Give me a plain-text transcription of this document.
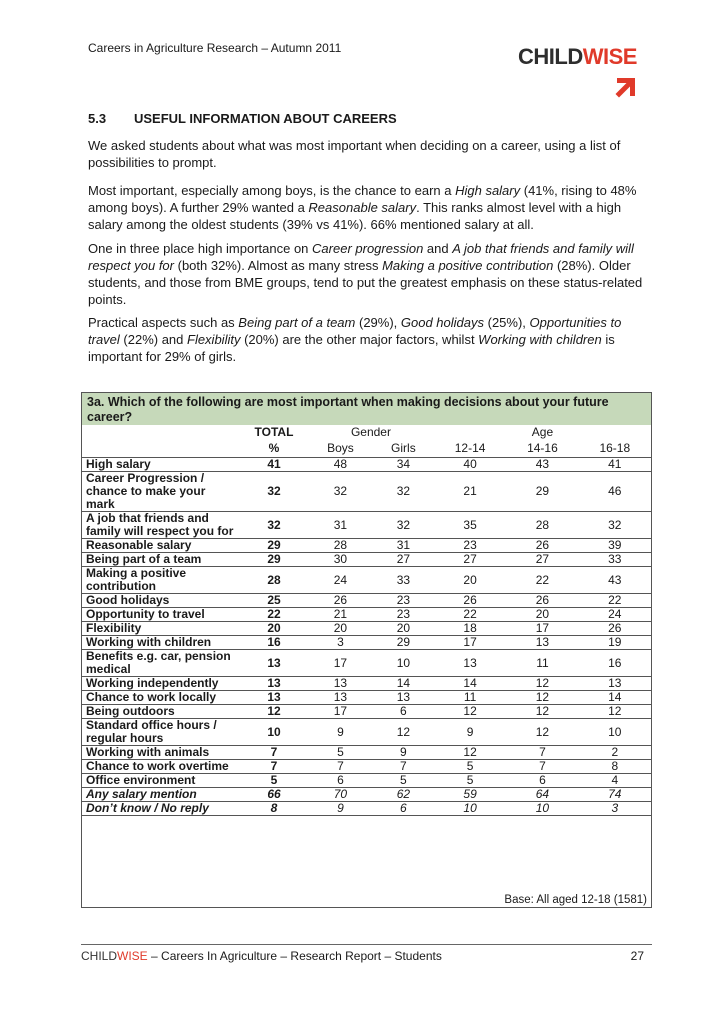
Careers in Agriculture Research – Autumn 2011	CHILDWISE
5.3 USEFUL INFORMATION ABOUT CAREERS

We asked students about what was most important when deciding on a career, using a list of possibilities to prompt.

Most important, especially among boys, is the chance to earn a High salary (41%, rising to 48% among boys). A further 29% wanted a Reasonable salary. This ranks almost level with a high salary among the oldest students (39% vs 41%). 66% mentioned salary at all.

One in three place high importance on Career progression and A job that friends and family will respect you for (both 32%). Almost as many stress Making a positive contribution (28%). Older students, and those from BME groups, tend to put the greatest emphasis on these status-related points.

Practical aspects such as Being part of a team (29%), Good holidays (25%), Opportunities to travel (22%) and Flexibility (20%) are the other major factors, whilst Working with children is important for 29% of girls.

3a. Which of the following are most important when making decisions about your future career?
	TOTAL	Gender		Age		
	%	Boys	Girls	12-14	14-16	16-18
High salary	41	48	34	40	43	41
Career Progression / chance to make your mark	32	32	32	21	29	46
A job that friends and family will respect you for	32	31	32	35	28	32
Reasonable salary	29	28	31	23	26	39
Being part of a team	29	30	27	27	27	33
Making a positive contribution	28	24	33	20	22	43
Good holidays	25	26	23	26	26	22
Opportunity to travel	22	21	23	22	20	24
Flexibility	20	20	20	18	17	26
Working with children	16	3	29	17	13	19
Benefits e.g. car, pension medical	13	17	10	13	11	16
Working independently	13	13	14	14	12	13
Chance to work locally	13	13	13	11	12	14
Being outdoors	12	17	6	12	12	12
Standard office hours / regular hours	10	9	12	9	12	10
Working with animals	7	5	9	12	7	2
Chance to work overtime	7	7	7	5	7	8
Office environment	5	6	5	5	6	4
Any salary mention	66	70	62	59	64	74
Don’t know / No reply	8	9	6	10	10	3
Base: All aged 12-18 (1581)
CHILDWISE – Careers In Agriculture – Research Report – Students	27
